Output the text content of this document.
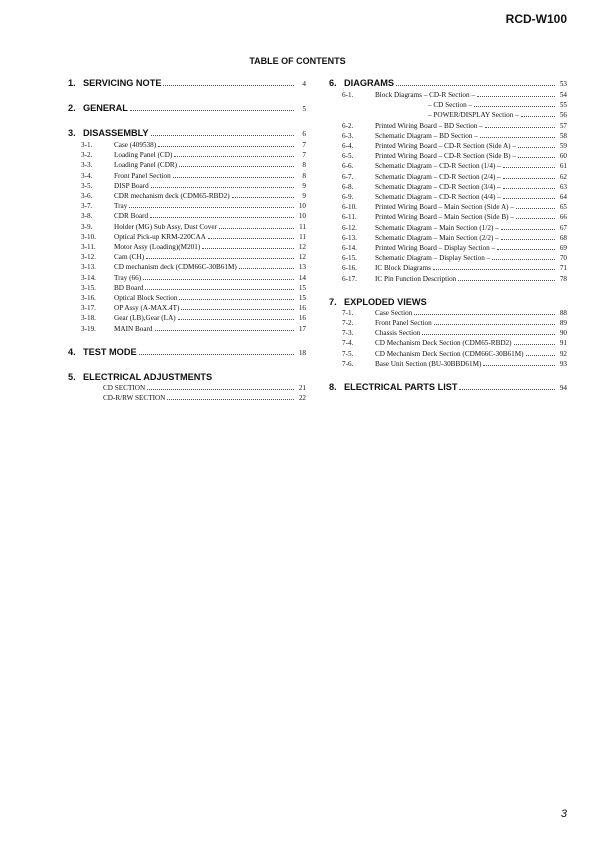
RCD-W100
TABLE OF CONTENTS
1. SERVICING NOTE	4
2. GENERAL	5
3. DISASSEMBLY	6
3-1.	Case (409538)	7
3-2.	Loading Panel (CD)	7
3-3.	Loading Panel (CDR)	8
3-4.	Front Panel Section	8
3-5.	DISP Board	9
3-6.	CDR mechanism deck (CDM65-RBD2)	9
3-7.	Tray	10
3-8.	CDR Board	10
3-9.	Holder (MG) Sub Assy, Dust Cover	11
3-10.	Optical Pick-up KRM-220CAA	11
3-11.	Motor Assy (Loading)(M201)	12
3-12.	Cam (CH)	12
3-13.	CD mechanism deck (CDM66C-30B61M)	13
3-14.	Tray (66)	14
3-15.	BD Board	15
3-16.	Optical Block Section	15
3-17.	OP Assy (A-MAX.4T)	16
3-18.	Gear (LB),Gear (LA)	16
3-19.	MAIN Board	17
4. TEST MODE	18
5. ELECTRICAL ADJUSTMENTS
CD SECTION	21
CD-R/RW SECTION	22
6. DIAGRAMS	53
6-1.	Block Diagrams – CD-R Section –	54
– CD Section –	55
– POWER/DISPLAY Section –	56
6-2.	Printed Wiring Board – BD Section –	57
6-3.	Schematic Diagram – BD Section –	58
6-4.	Printed Wiring Board – CD-R Section (Side A) –	59
6-5.	Printed Wiring Board – CD-R Section (Side B) –	60
6-6.	Schematic Diagram – CD-R Section (1/4) –	61
6-7.	Schematic Diagram – CD-R Section (2/4) –	62
6-8.	Schematic Diagram – CD-R Section (3/4) –	63
6-9.	Schematic Diagram – CD-R Section (4/4) –	64
6-10.	Printed Wiring Board – Main Section (Side A) –	65
6-11.	Printed Wiring Board – Main Section (Side B) –	66
6-12.	Schematic Diagram – Main Section (1/2) –	67
6-13.	Schematic Diagram – Main Section (2/2) –	68
6-14.	Printed Wiring Board – Display Section –	69
6-15.	Schematic Diagram – Display Section –	70
6-16.	IC Block Diagrams	71
6-17.	IC Pin Function Description	78
7. EXPLODED VIEWS
7-1.	Case Section	88
7-2.	Front Panel Section	89
7-3.	Chassis Section	90
7-4.	CD Mechanism Deck Section (CDM65-RBD2)	91
7-5.	CD Mechanism Deck Section (CDM66C-30B61M)	92
7-6.	Base Unit Section (BU-30BBD61M)	93
8. ELECTRICAL PARTS LIST	94
3
